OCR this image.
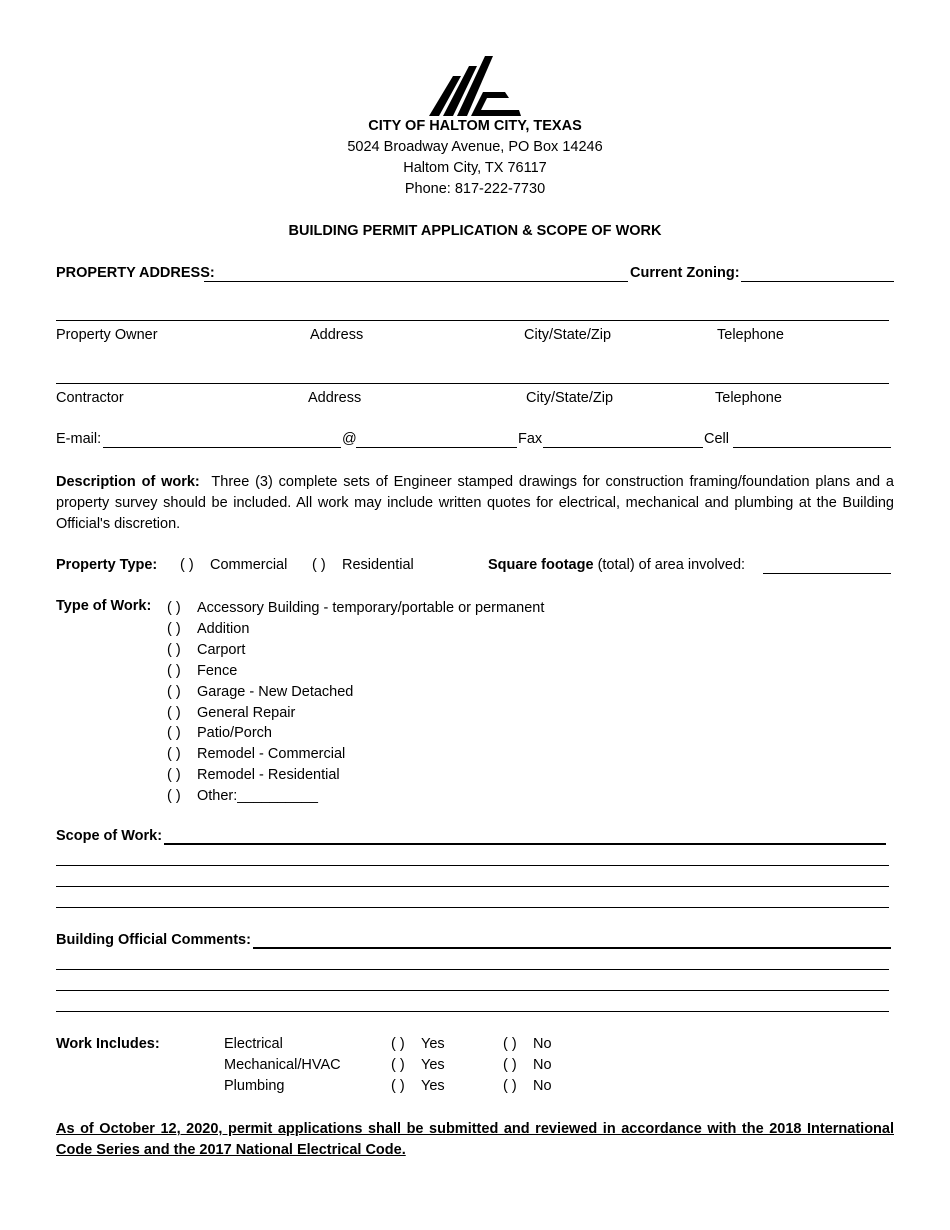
CITY OF HALTOM CITY, TEXAS
5024 Broadway Avenue, PO Box 14246
Haltom City, TX 76117
Phone: 817-222-7730
BUILDING PERMIT APPLICATION & SCOPE OF WORK
PROPERTY ADDRESS:	Current Zoning:
Property Owner	Address	City/State/Zip	Telephone
Contractor	Address	City/State/Zip	Telephone
E-mail:	@	Fax	Cell
Description of work: Three (3) complete sets of Engineer stamped drawings for construction framing/foundation plans and a property survey should be included. All work may include written quotes for electrical, mechanical and plumbing at the Building Official's discretion.
Property Type: ( ) Commercial ( ) Residential	Square footage (total) of area involved:
Type of Work: ( ) Accessory Building - temporary/portable or permanent
( ) Addition
( ) Carport
( ) Fence
( ) Garage - New Detached
( ) General Repair
( ) Patio/Porch
( ) Remodel - Commercial
( ) Remodel - Residential
( ) Other:__________
Scope of Work:
Building Official Comments:
Work Includes:	Electrical	( ) Yes	( ) No
Mechanical/HVAC	( ) Yes	( ) No
Plumbing	( ) Yes	( ) No
As of October 12, 2020, permit applications shall be submitted and reviewed in accordance with the 2018 International Code Series and the 2017 National Electrical Code.
